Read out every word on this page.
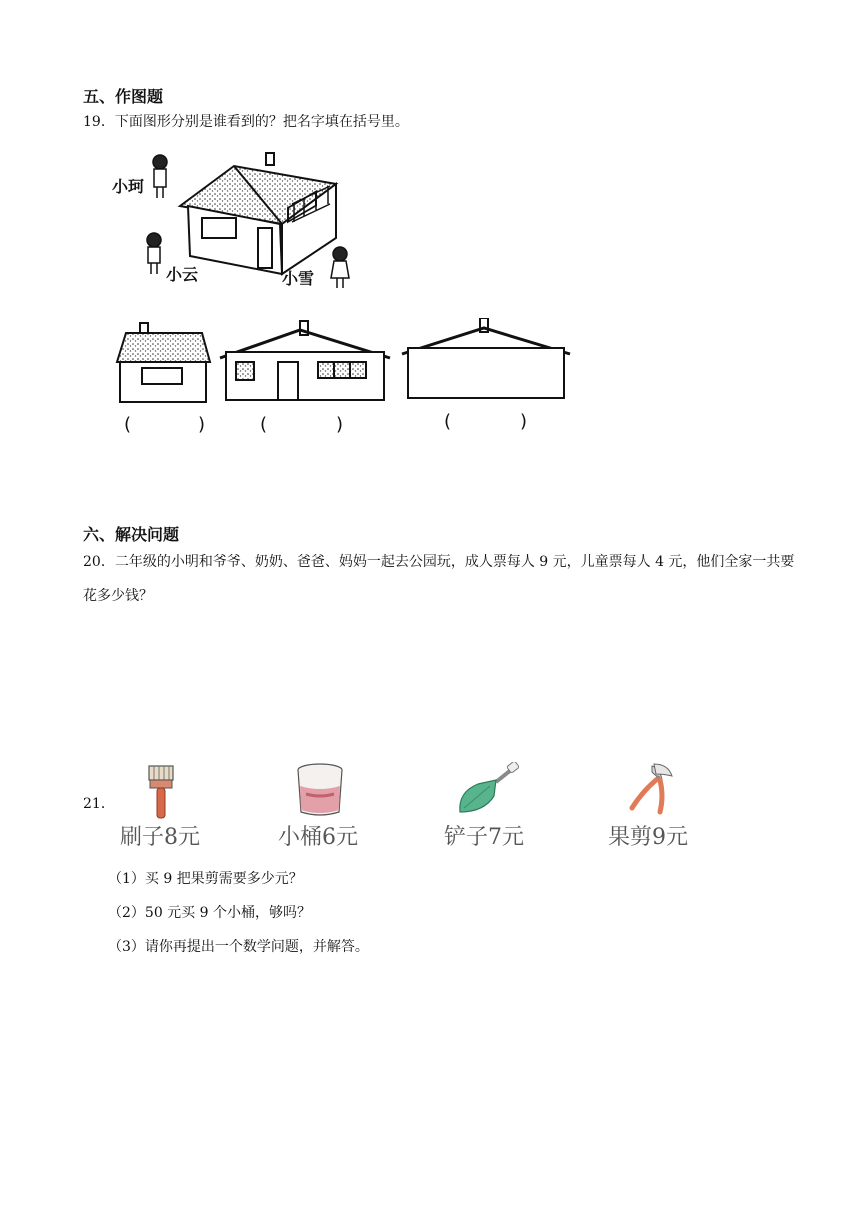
五、作图题
19．下面图形分别是谁看到的？把名字填在括号里。
小珂
小云	小雪
(	)	(	)	(	)
六、解决问题
20．二年级的小明和爷爷、奶奶、爸爸、妈妈一起去公园玩，成人票每人 9 元，儿童票每人 4 元，他们全家一共要花多少钱？
21．
刷子8元	小桶6元	铲子7元	果剪9元
（1）买 9 把果剪需要多少元？
（2）50 元买 9 个小桶，够吗？
（3）请你再提出一个数学问题，并解答。
